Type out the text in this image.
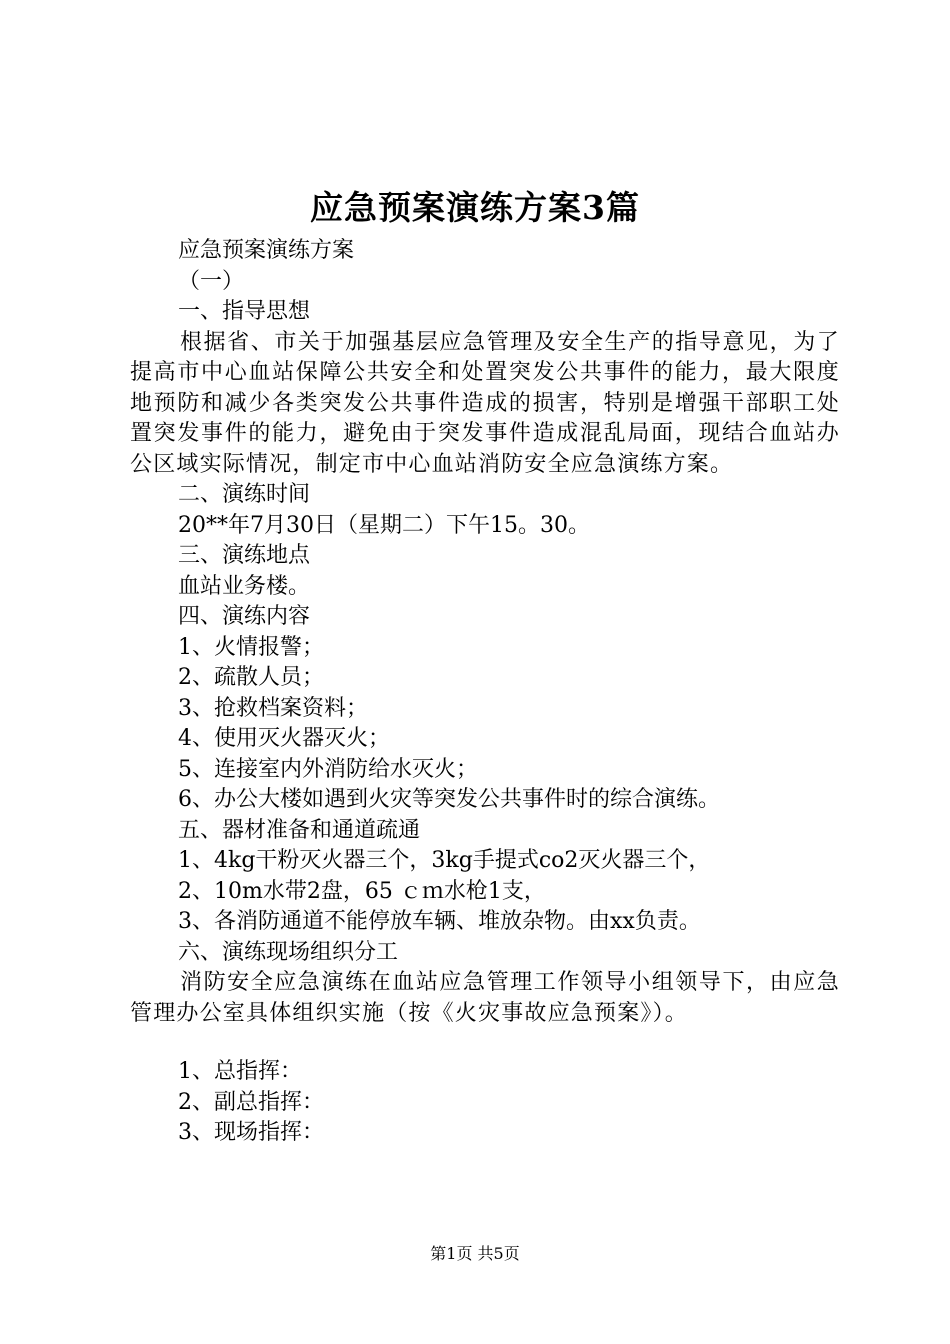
应急预案演练方案3篇
应急预案演练方案
（一）
一、指导思想

根据省、市关于加强基层应急管理及安全生产的指导意见，为了提高市中心血站保障公共安全和处置突发公共事件的能力，最大限度地预防和减少各类突发公共事件造成的损害，特别是增强干部职工处置突发事件的能力，避免由于突发事件造成混乱局面，现结合血站办公区域实际情况，制定市中心血站消防安全应急演练方案。

二、演练时间
20**年7月30日（星期二）下午15。30。
三、演练地点
血站业务楼。
四、演练内容
1、火情报警；
2、疏散人员；
3、抢救档案资料；
4、使用灭火器灭火；
5、连接室内外消防给水灭火；
6、办公大楼如遇到火灾等突发公共事件时的综合演练。
五、器材准备和通道疏通
1、4kg干粉灭火器三个，3kg手提式co2灭火器三个，
2、10m水带2盘，65 ｃｍ水枪1支，
3、各消防通道不能停放车辆、堆放杂物。由xx负责。
六、演练现场组织分工

消防安全应急演练在血站应急管理工作领导小组领导下，由应急管理办公室具体组织实施（按《火灾事故应急预案》）。

1、总指挥：
2、副总指挥：
3、现场指挥：
第1页 共5页
